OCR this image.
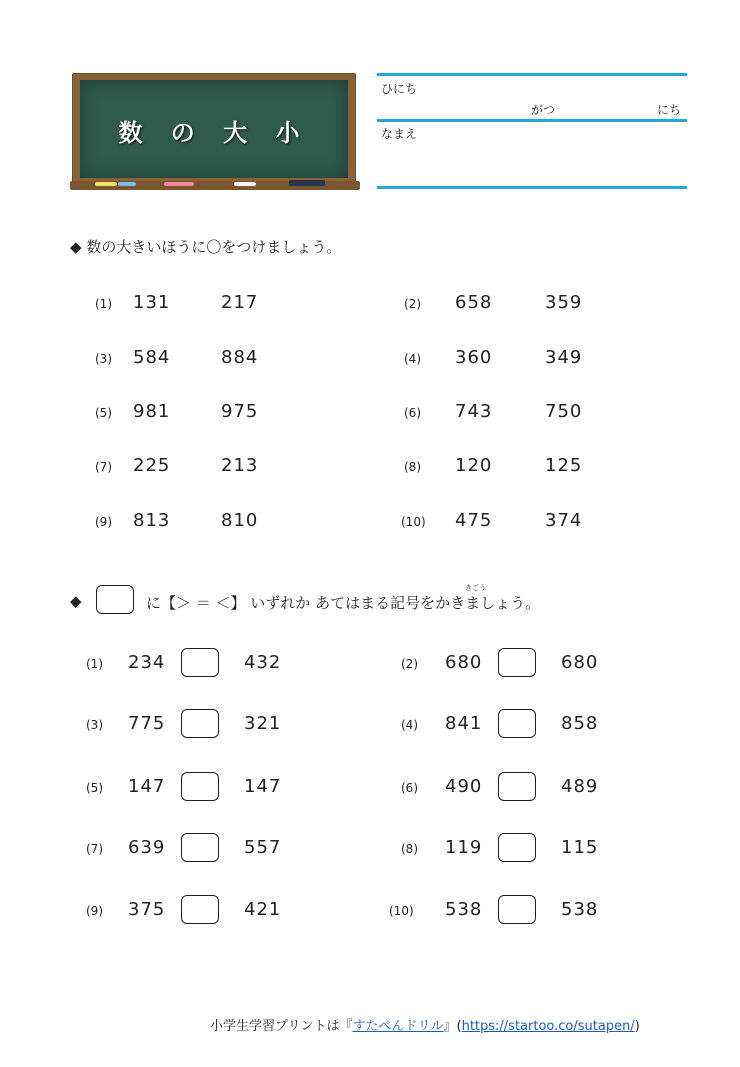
数 の 大 小
ひにち
がつ	にち
なまえ
◆ 数の大きいほうに〇をつけましょう。
(1) 131	217	(2) 658	359
(3) 584	884	(4) 360	349
(5) 981	975	(6) 743	750
(7) 225	213	(8) 120	125
(9) 813	810	(10) 475	374
◆	に【＞ ＝ ＜】 いずれか あてはまる記号をかきましょう。
きごう
(1) 234	432	(2) 680	680
(3) 775	321	(4) 841	858
(5) 147	147	(6) 490	489
(7) 639	557	(8) 119	115
(9) 375	421	(10) 538	538
小学生学習プリントは『すたぺんドリル』(https://startoo.co/sutapen/)
